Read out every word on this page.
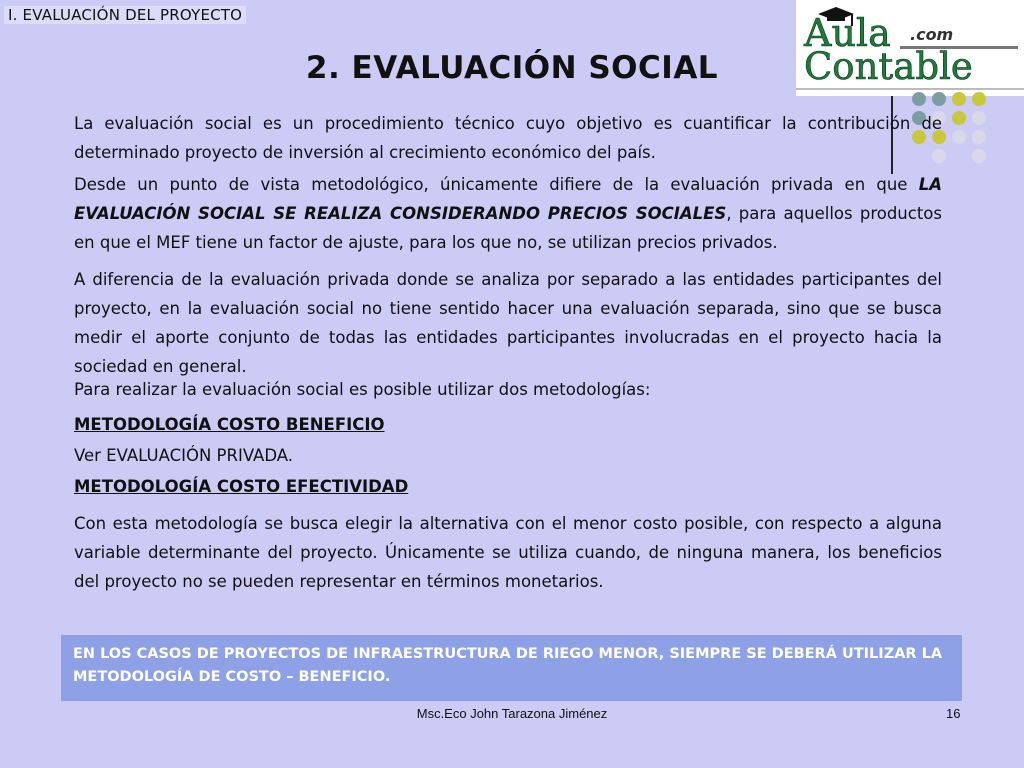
I. EVALUACIÓN DEL PROYECTO
2. EVALUACIÓN SOCIAL
Aula .com
Contable

La evaluación social es un procedimiento técnico cuyo objetivo es cuantificar la contribución de determinado proyecto de inversión al crecimiento económico del país.

Desde un punto de vista metodológico, únicamente difiere de la evaluación privada en que LA EVALUACIÓN SOCIAL SE REALIZA CONSIDERANDO PRECIOS SOCIALES, para aquellos productos en que el MEF tiene un factor de ajuste, para los que no, se utilizan precios privados.

A diferencia de la evaluación privada donde se analiza por separado a las entidades participantes del proyecto, en la evaluación social no tiene sentido hacer una evaluación separada, sino que se busca medir el aporte conjunto de todas las entidades participantes involucradas en el proyecto hacia la sociedad en general.

Para realizar la evaluación social es posible utilizar dos metodologías:

METODOLOGÍA COSTO BENEFICIO

Ver EVALUACIÓN PRIVADA.

METODOLOGÍA COSTO EFECTIVIDAD

Con esta metodología se busca elegir la alternativa con el menor costo posible, con respecto a alguna variable determinante del proyecto. Únicamente se utiliza cuando, de ninguna manera, los beneficios del proyecto no se pueden representar en términos monetarios.

EN LOS CASOS DE PROYECTOS DE INFRAESTRUCTURA DE RIEGO MENOR, SIEMPRE SE DEBERÁ UTILIZAR LA METODOLOGÍA DE COSTO – BENEFICIO.
Msc.Eco John Tarazona Jiménez	16
